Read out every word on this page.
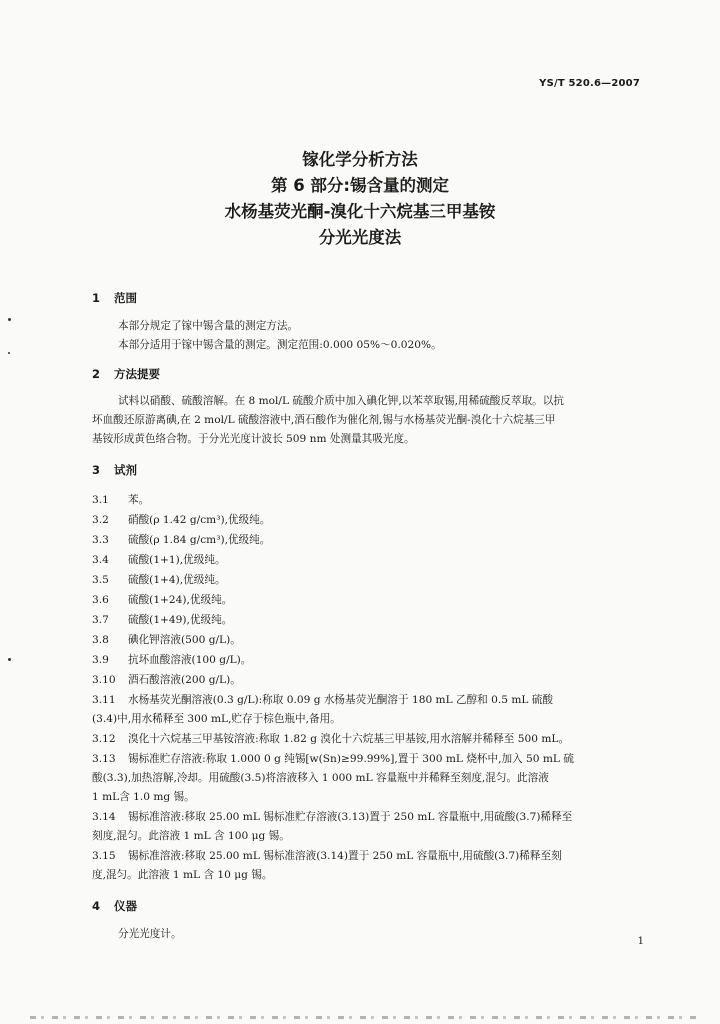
YS/T 520.6—2007
镓化学分析方法
第 6 部分:锡含量的测定
水杨基荧光酮-溴化十六烷基三甲基铵
分光光度法
1 范围
本部分规定了镓中锡含量的测定方法。
本部分适用于镓中锡含量的测定。测定范围:0.000 05%～0.020%。
2 方法提要
试料以硝酸、硫酸溶解。在 8 mol/L 硫酸介质中加入碘化钾,以苯萃取锡,用稀硫酸反萃取。以抗
坏血酸还原游离碘,在 2 mol/L 硫酸溶液中,酒石酸作为催化剂,锡与水杨基荧光酮-溴化十六烷基三甲
基铵形成黄色络合物。于分光光度计波长 509 nm 处测量其吸光度。
3 试剂
3.1 苯。
3.2 硝酸(ρ 1.42 g/cm³),优级纯。
3.3 硫酸(ρ 1.84 g/cm³),优级纯。
3.4 硫酸(1+1),优级纯。
3.5 硫酸(1+4),优级纯。
3.6 硫酸(1+24),优级纯。
3.7 硫酸(1+49),优级纯。
3.8 碘化钾溶液(500 g/L)。
3.9 抗坏血酸溶液(100 g/L)。
3.10 酒石酸溶液(200 g/L)。
3.11 水杨基荧光酮溶液(0.3 g/L):称取 0.09 g 水杨基荧光酮溶于 180 mL 乙醇和 0.5 mL 硫酸
(3.4)中,用水稀释至 300 mL,贮存于棕色瓶中,备用。
3.12 溴化十六烷基三甲基铵溶液:称取 1.82 g 溴化十六烷基三甲基铵,用水溶解并稀释至 500 mL。
3.13 锡标准贮存溶液:称取 1.000 0 g 纯锡[w(Sn)≥99.99%],置于 300 mL 烧杯中,加入 50 mL 硫
酸(3.3),加热溶解,冷却。用硫酸(3.5)将溶液移入 1 000 mL 容量瓶中并稀释至刻度,混匀。此溶液
1 mL含 1.0 mg 锡。
3.14 锡标准溶液:移取 25.00 mL 锡标准贮存溶液(3.13)置于 250 mL 容量瓶中,用硫酸(3.7)稀释至
刻度,混匀。此溶液 1 mL 含 100 μg 锡。
3.15 锡标准溶液:移取 25.00 mL 锡标准溶液(3.14)置于 250 mL 容量瓶中,用硫酸(3.7)稀释至刻
度,混匀。此溶液 1 mL 含 10 μg 锡。
4 仪器
分光光度计。
1
